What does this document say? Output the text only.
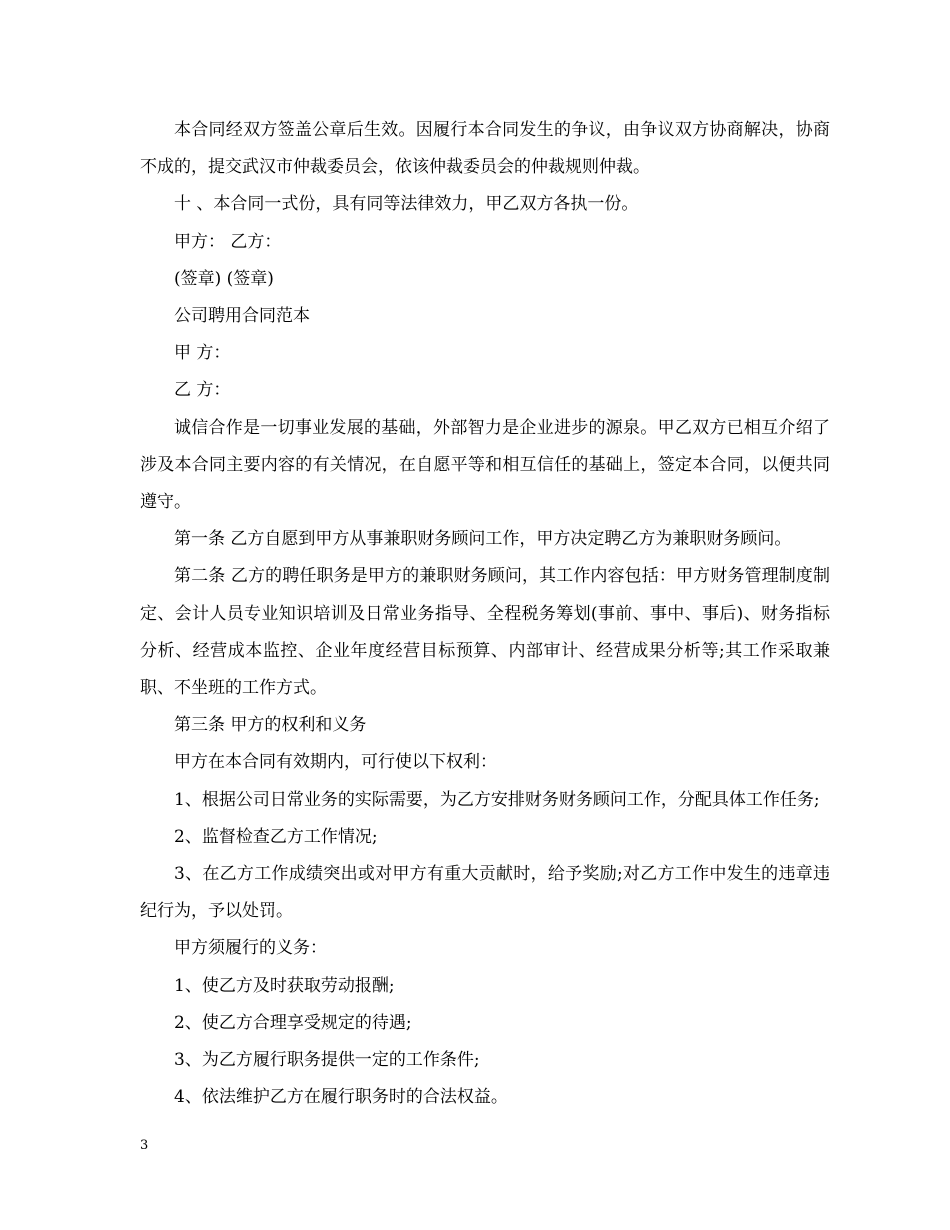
本合同经双方签盖公章后生效。因履行本合同发生的争议，由争议双方协商解决，协商不成的，提交武汉市仲裁委员会，依该仲裁委员会的仲裁规则仲裁。

十 、本合同一式份，具有同等法律效力，甲乙双方各执一份。

甲方： 乙方：

(签章) (签章)

公司聘用合同范本

甲 方：

乙 方：

诚信合作是一切事业发展的基础，外部智力是企业进步的源泉。甲乙双方已相互介绍了涉及本合同主要内容的有关情况，在自愿平等和相互信任的基础上，签定本合同，以便共同遵守。

第一条 乙方自愿到甲方从事兼职财务顾问工作，甲方决定聘乙方为兼职财务顾问。

第二条 乙方的聘任职务是甲方的兼职财务顾问，其工作内容包括：甲方财务管理制度制定、会计人员专业知识培训及日常业务指导、全程税务筹划(事前、事中、事后)、财务指标分析、经营成本监控、企业年度经营目标预算、内部审计、经营成果分析等;其工作采取兼职、不坐班的工作方式。

第三条 甲方的权利和义务

甲方在本合同有效期内，可行使以下权利：

1、根据公司日常业务的实际需要，为乙方安排财务财务顾问工作，分配具体工作任务;

2、监督检查乙方工作情况;

3、在乙方工作成绩突出或对甲方有重大贡献时，给予奖励;对乙方工作中发生的违章违纪行为，予以处罚。

甲方须履行的义务：

1、使乙方及时获取劳动报酬;

2、使乙方合理享受规定的待遇;

3、为乙方履行职务提供一定的工作条件;

4、依法维护乙方在履行职务时的合法权益。

3
